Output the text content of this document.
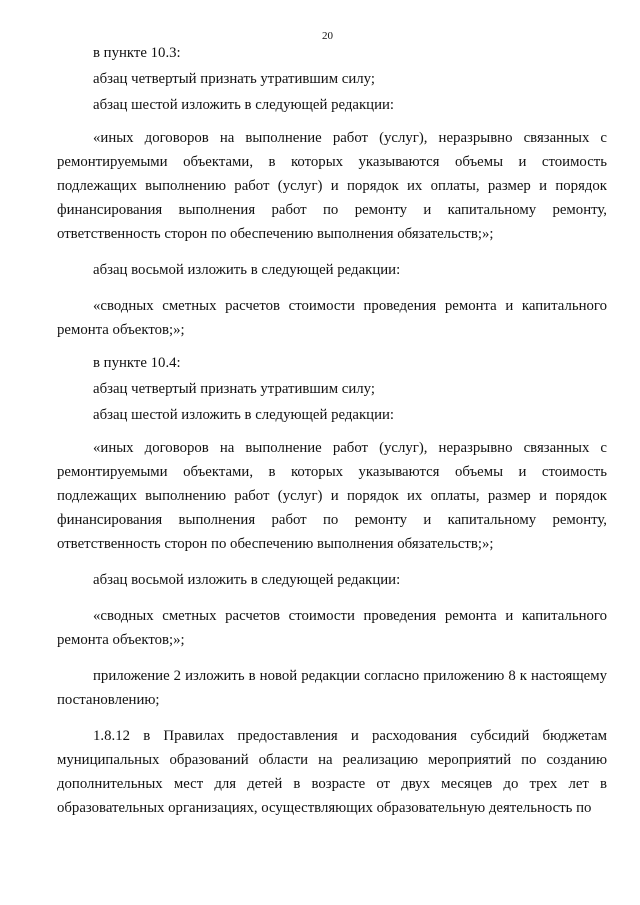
20

в пункте 10.3:

абзац четвертый признать утратившим силу;

абзац шестой изложить в следующей редакции:

«иных договоров на выполнение работ (услуг), неразрывно связанных с ремонтируемыми объектами, в которых указываются объемы и стоимость подлежащих выполнению работ (услуг) и порядок их оплаты, размер и порядок финансирования выполнения работ по ремонту и капитальному ремонту, ответственность сторон по обеспечению выполнения обязательств;»;

абзац восьмой изложить в следующей редакции:

«сводных сметных расчетов стоимости проведения ремонта и капитального ремонта объектов;»;

в пункте 10.4:

абзац четвертый признать утратившим силу;

абзац шестой изложить в следующей редакции:

«иных договоров на выполнение работ (услуг), неразрывно связанных с ремонтируемыми объектами, в которых указываются объемы и стоимость подлежащих выполнению работ (услуг) и порядок их оплаты, размер и порядок финансирования выполнения работ по ремонту и капитальному ремонту, ответственность сторон по обеспечению выполнения обязательств;»;

абзац восьмой изложить в следующей редакции:

«сводных сметных расчетов стоимости проведения ремонта и капитального ремонта объектов;»;

приложение 2 изложить в новой редакции согласно приложению 8 к настоящему постановлению;

1.8.12 в Правилах предоставления и расходования субсидий бюджетам муниципальных образований области на реализацию мероприятий по созданию дополнительных мест для детей в возрасте от двух месяцев до трех лет в образовательных организациях, осуществляющих образовательную деятельность по
